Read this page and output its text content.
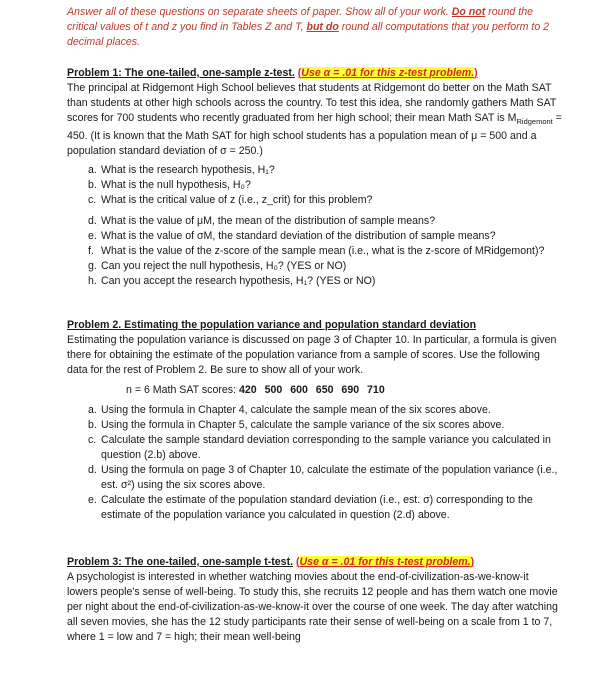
Answer all of these questions on separate sheets of paper. Show all of your work. Do not round the critical values of t and z you find in Tables Z and T, but do round all computations that you perform to 2 decimal places.
Problem 1: The one-tailed, one-sample z-test. (Use α = .01 for this z-test problem.)
The principal at Ridgemont High School believes that students at Ridgemont do better on the Math SAT than students at other high schools across the country. To test this idea, she randomly gathers Math SAT scores for 700 students who recently graduated from her high school; their mean Math SAT is $M_{Ridgemont} = 450$. (It is known that the Math SAT for high school students has a population mean of μ = 500 and a population standard deviation of σ = 250.)
a. What is the research hypothesis, H₁?
b. What is the null hypothesis, H₀?
c. What is the critical value of z (i.e., z_crit) for this problem?
d. What is the value of μM, the mean of the distribution of sample means?
e. What is the value of σM, the standard deviation of the distribution of sample means?
f. What is the value of the z-score of the sample mean (i.e., what is the z-score of MRidgemont)?
g. Can you reject the null hypothesis, H₀? (YES or NO)
h. Can you accept the research hypothesis, H₁? (YES or NO)
Problem 2. Estimating the population variance and population standard deviation
Estimating the population variance is discussed on page 3 of Chapter 10. In particular, a formula is given there for obtaining the estimate of the population variance from a sample of scores. Use the following data for the rest of Problem 2. Be sure to show all of your work.
n = 6 Math SAT scores: 420 500 600 650 690 710
a. Using the formula in Chapter 4, calculate the sample mean of the six scores above.
b. Using the formula in Chapter 5, calculate the sample variance of the six scores above.
c. Calculate the sample standard deviation corresponding to the sample variance you calculated in question (2.b) above.
d. Using the formula on page 3 of Chapter 10, calculate the estimate of the population variance (i.e., est. σ²) using the six scores above.
e. Calculate the estimate of the population standard deviation (i.e., est. σ) corresponding to the estimate of the population variance you calculated in question (2.d) above.
Problem 3: The one-tailed, one-sample t-test. (Use α = .01 for this t-test problem.)
A psychologist is interested in whether watching movies about the end-of-civilization-as-we-know-it lowers people's sense of well-being. To study this, she recruits 12 people and has them watch one movie per night about the end-of-civilization-as-we-know-it over the course of one week. The day after watching all seven movies, she has the 12 study participants rate their sense of well-being on a scale from 1 to 7, where 1 = low and 7 = high; their mean well-being
